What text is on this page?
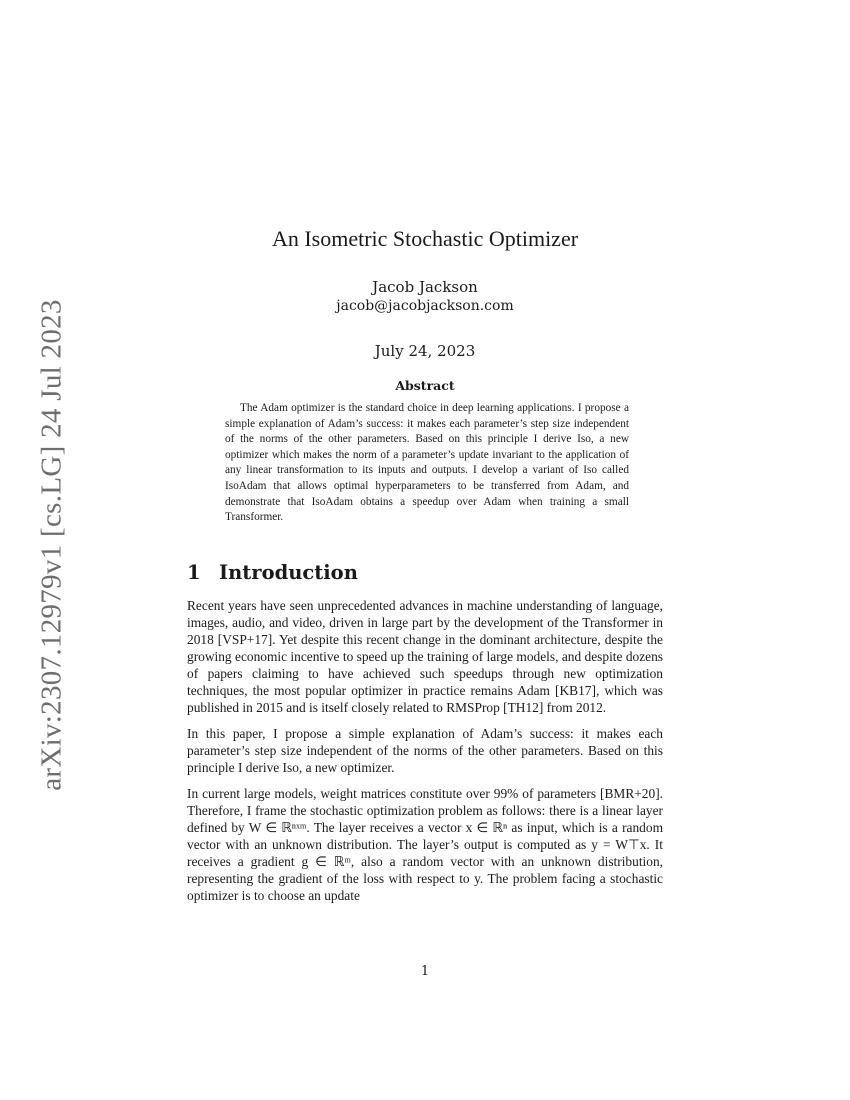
arXiv:2307.12979v1 [cs.LG] 24 Jul 2023
An Isometric Stochastic Optimizer
Jacob Jackson
jacob@jacobjackson.com
July 24, 2023
Abstract

The Adam optimizer is the standard choice in deep learning applications. I propose a simple explanation of Adam’s success: it makes each parameter’s step size independent of the norms of the other parameters. Based on this principle I derive Iso, a new optimizer which makes the norm of a parameter’s update invariant to the application of any linear transformation to its inputs and outputs. I develop a variant of Iso called IsoAdam that allows optimal hyperparameters to be transferred from Adam, and demonstrate that IsoAdam obtains a speedup over Adam when training a small Transformer.

1 Introduction

Recent years have seen unprecedented advances in machine understanding of language, images, audio, and video, driven in large part by the development of the Transformer in 2018 [VSP+17]. Yet despite this recent change in the dominant architecture, despite the growing economic incentive to speed up the training of large models, and despite dozens of papers claiming to have achieved such speedups through new optimization techniques, the most popular optimizer in practice remains Adam [KB17], which was published in 2015 and is itself closely related to RMSProp [TH12] from 2012.

In this paper, I propose a simple explanation of Adam’s success: it makes each parameter’s step size independent of the norms of the other parameters. Based on this principle I derive Iso, a new optimizer.

In current large models, weight matrices constitute over 99% of parameters [BMR+20]. Therefore, I frame the stochastic optimization problem as follows: there is a linear layer defined by W ∈ ℝⁿˣᵐ. The layer receives a vector x ∈ ℝⁿ as input, which is a random vector with an unknown distribution. The layer’s output is computed as y = W⊤x. It receives a gradient g ∈ ℝᵐ, also a random vector with an unknown distribution, representing the gradient of the loss with respect to y. The problem facing a stochastic optimizer is to choose an update

1
